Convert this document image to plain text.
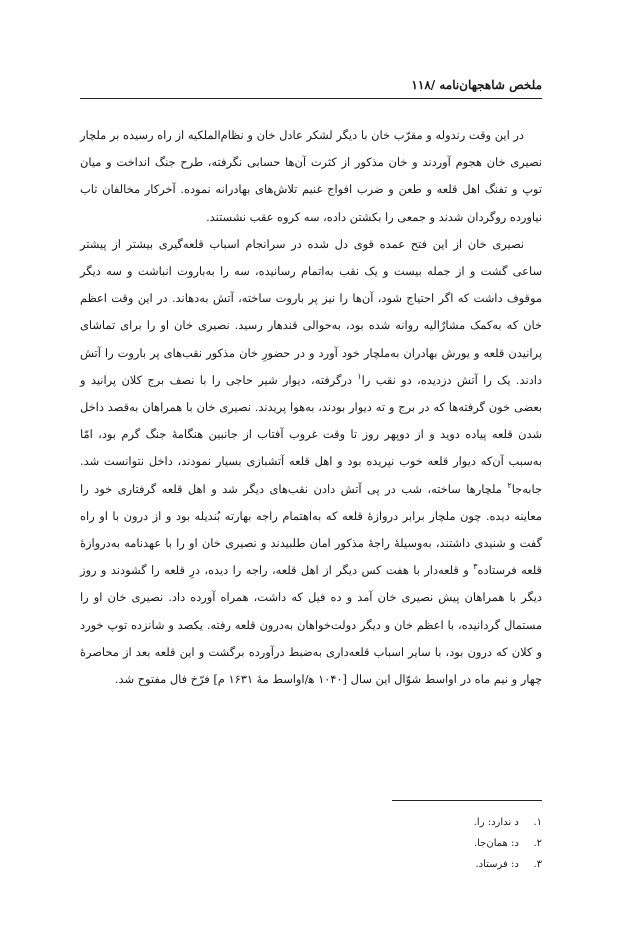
ملخص شاهجهان‌نامه /۱۱۸

در این وقت رندوله و مقرّب خان با دیگر لشکر عادل خان و نظام‌الملکیه از راه رسیده بر ملچار نصیری خان هجوم آوردند و خان مذکور از کثرت آن‌ها حسابی نگرفته، طرح جنگ انداخت و میان توپ و تفنگ اهل قلعه و طعن و ضرب افواج غنیم تلاش‌های بهادرانه نموده. آخرکار مخالفان تاب نیاورده روگردان شدند و جمعی را بکشتن داده، سه کروه عقب نشستند.

نصیری خان از این فتح عمده قوی دل شده در سرانجام اسباب قلعه‌گیری بیشتر از پیشتر ساعی گشت و از جمله بیست و یک نقب به‌اتمام رسانیده، سه را به‌باروت انباشت و سه دیگر موقوف داشت که اگر احتیاج شود، آن‌ها را نیز پر باروت ساخته، آتش به‌دهاند. در این وقت اعظم خان که به‌کمک مشارٌالیه روانه شده بود، به‌حوالی قندهار رسید. نصیری خان او را برای تماشای پرانیدن قلعه و یورش بهادران به‌ملچار خود آورد و در حضورِ خان مذکور نقب‌های پر باروت را آتش دادند. یک را آتش دزدیده، دو نقب را$^۱$ درگرفته، دیوار شیر حاجی را با نصف برج کلان پرانید و بعضی خون گرفته‌ها که در برج و ته دیوار بودند، به‌هوا پریدند. نصیری خان با همراهان به‌قصد داخل شدن قلعه پیاده دوید و از دوپهر روز تا وقت غروب آفتاب از جانبین هنگامهٔ جنگ گرم بود، امّا به‌سبب آن‌که دیوار قلعه خوب نپریده بود و اهل قلعه آتشبازی بسیار نمودند، داخل نتوانست شد. جابه‌جا$^۲$ ملچارها ساخته، شب در پی آتش دادن نقب‌های دیگر شد و اهل قلعه گرفتاری خود را معاینه دیده. چون ملچار برابر دروازهٔ قلعه که به‌اهتمام راجه بهارته بُندیله بود و از درون با او راه گفت و شنیدی داشتند، به‌وسیلهٔ راجهٔ مذکور امان طلبیدند و نصیری خان او را با عهدنامه به‌دروازهٔ قلعه فرستاده$^۳$ و قلعه‌دار با هفت کس دیگر از اهل قلعه، راجه را دیده، درِ قلعه را گشودند و روز دیگر با همراهان پیش نصیری خان آمد و ده فیل که داشت، همراه آورده داد. نصیری خان او را مستمال گردانیده، با اعظم خان و دیگر دولت‌خواهان به‌درون قلعه رفته. یکصد و شانزده توپ خورد و کلان که درون بود، با سایر اسباب قلعه‌داری به‌ضبط درآورده برگشت و این قلعه بعد از محاصرهٔ چهار و نیم ماه در اواسط شوّال این سال [۱۰۴۰ ه‍/اواسط مهٔ ۱۶۳۱ م] فرّخ فال مفتوح شد.

۱. د ندارد: را.
۲. د: همان‌جا.
۳. د: فرستاد.
